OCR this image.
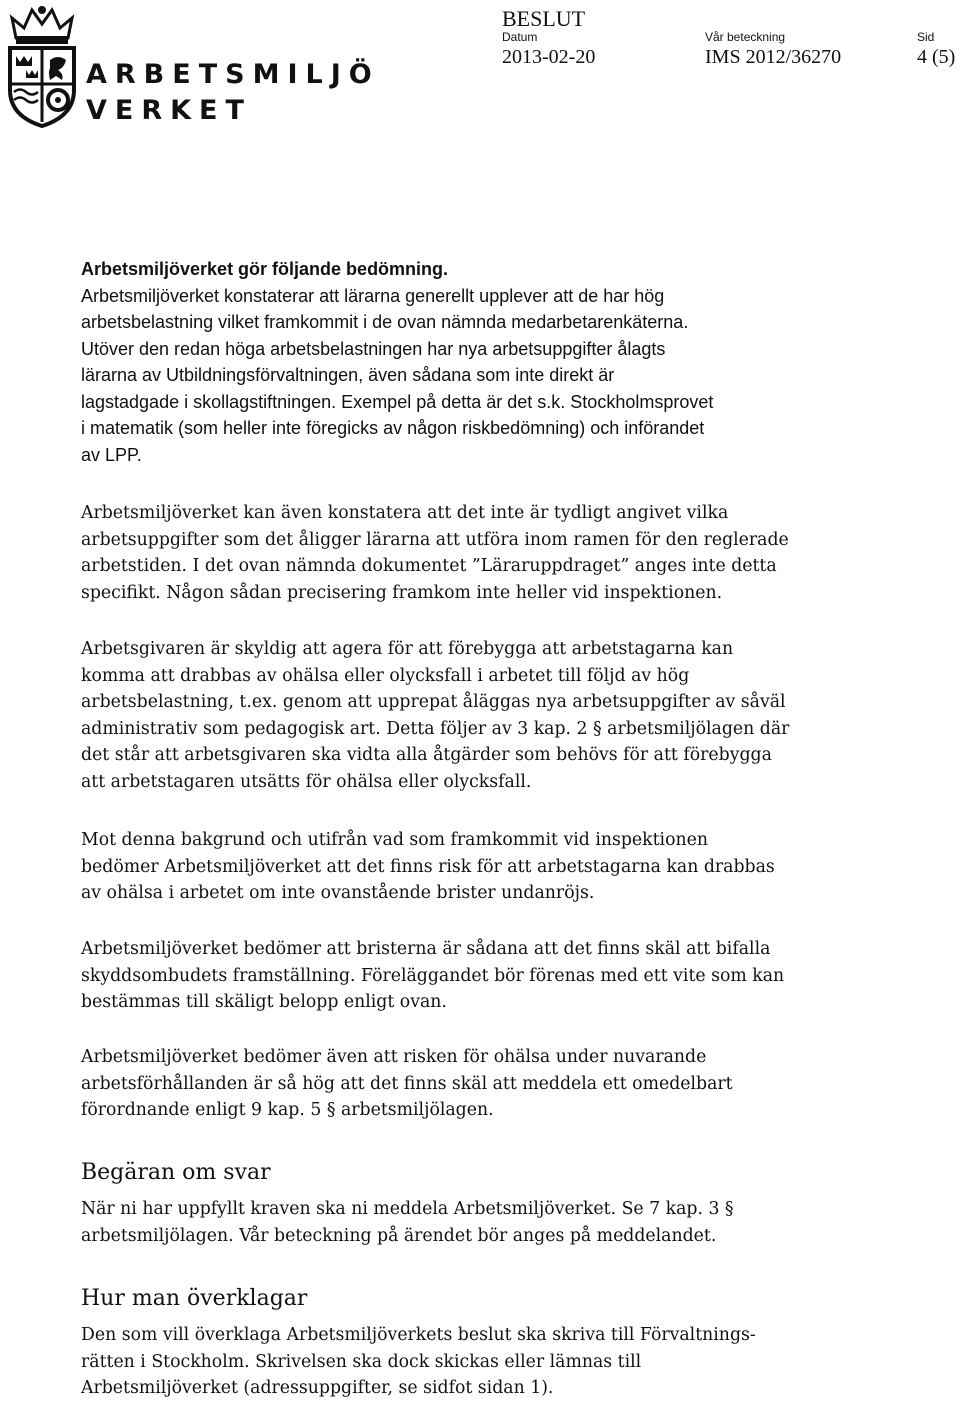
ARBETSMILJÖ
VERKET
BESLUT
Datum	Vår beteckning	Sid
2013-02-20	IMS 2012/36270	4 (5)

Arbetsmiljöverket gör följande bedömning.

Arbetsmiljöverket konstaterar att lärarna generellt upplever att de har hög

arbetsbelastning vilket framkommit i de ovan nämnda medarbetarenkäterna.

Utöver den redan höga arbetsbelastningen har nya arbetsuppgifter ålagts

lärarna av Utbildningsförvaltningen, även sådana som inte direkt är

lagstadgade i skollagstiftningen. Exempel på detta är det s.k. Stockholmsprovet

i matematik (som heller inte föregicks av någon riskbedömning) och införandet

av LPP.

Arbetsmiljöverket kan även konstatera att det inte är tydligt angivet vilka

arbetsuppgifter som det åligger lärarna att utföra inom ramen för den reglerade

arbetstiden. I det ovan nämnda dokumentet ”Läraruppdraget” anges inte detta

specifikt. Någon sådan precisering framkom inte heller vid inspektionen.

Arbetsgivaren är skyldig att agera för att förebygga att arbetstagarna kan

komma att drabbas av ohälsa eller olycksfall i arbetet till följd av hög

arbetsbelastning, t.ex. genom att upprepat åläggas nya arbetsuppgifter av såväl

administrativ som pedagogisk art. Detta följer av 3 kap. 2 § arbetsmiljölagen där

det står att arbetsgivaren ska vidta alla åtgärder som behövs för att förebygga

att arbetstagaren utsätts för ohälsa eller olycksfall.

Mot denna bakgrund och utifrån vad som framkommit vid inspektionen

bedömer Arbetsmiljöverket att det finns risk för att arbetstagarna kan drabbas

av ohälsa i arbetet om inte ovanstående brister undanröjs.

Arbetsmiljöverket bedömer att bristerna är sådana att det finns skäl att bifalla

skyddsombudets framställning. Föreläggandet bör förenas med ett vite som kan

bestämmas till skäligt belopp enligt ovan.

Arbetsmiljöverket bedömer även att risken för ohälsa under nuvarande

arbetsförhållanden är så hög att det finns skäl att meddela ett omedelbart

förordnande enligt 9 kap. 5 § arbetsmiljölagen.

Begäran om svar

När ni har uppfyllt kraven ska ni meddela Arbetsmiljöverket. Se 7 kap. 3 §

arbetsmiljölagen. Vår beteckning på ärendet bör anges på meddelandet.

Hur man överklagar

Den som vill överklaga Arbetsmiljöverkets beslut ska skriva till Förvaltnings-

rätten i Stockholm. Skrivelsen ska dock skickas eller lämnas till

Arbetsmiljöverket (adressuppgifter, se sidfot sidan 1).
